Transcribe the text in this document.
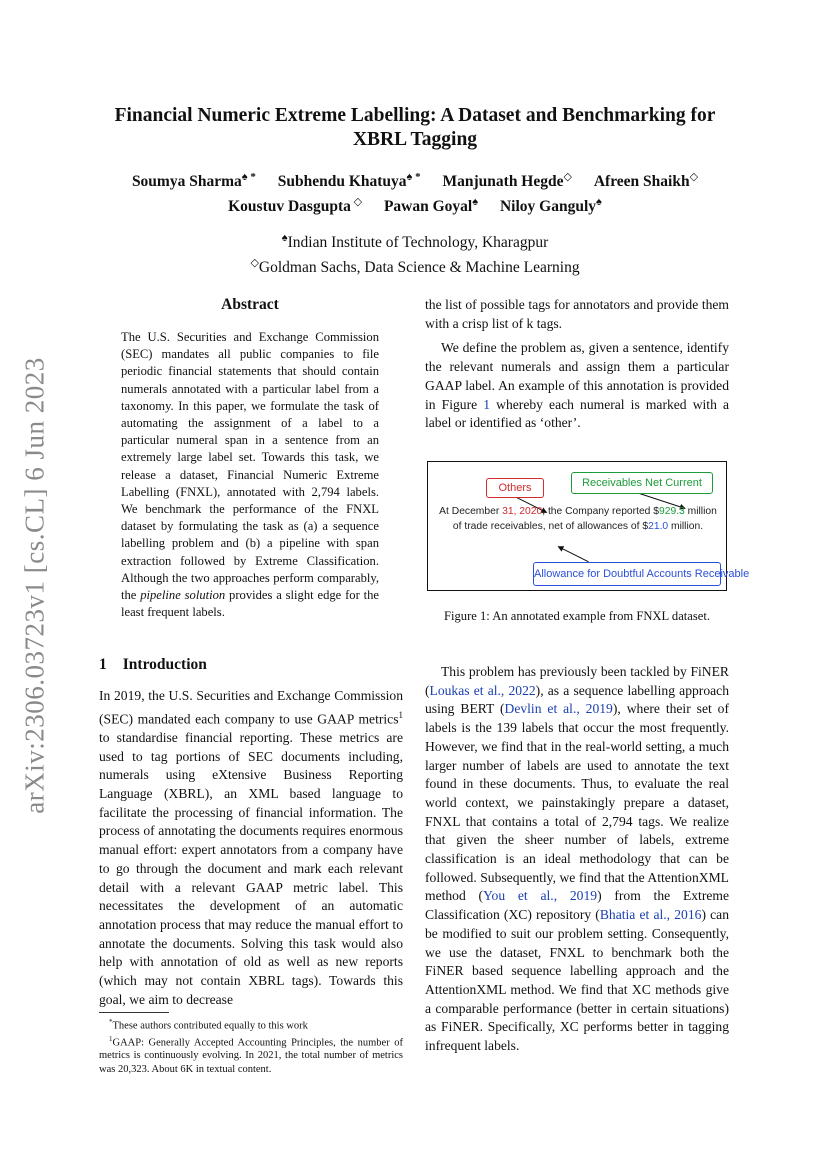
arXiv:2306.03723v1 [cs.CL] 6 Jun 2023
Financial Numeric Extreme Labelling: A Dataset and Benchmarking for XBRL Tagging
Soumya Sharma♠ * Subhendu Khatuya♠ * Manjunath Hegde◇ Afreen Shaikh◇
Koustuv Dasgupta ◇ Pawan Goyal♠ Niloy Ganguly♠
♠Indian Institute of Technology, Kharagpur
◇Goldman Sachs, Data Science & Machine Learning
Abstract
The U.S. Securities and Exchange Commission (SEC) mandates all public companies to file periodic financial statements that should contain numerals annotated with a particular label from a taxonomy. In this paper, we formulate the task of automating the assignment of a label to a particular numeral span in a sentence from an extremely large label set. Towards this task, we release a dataset, Financial Numeric Extreme Labelling (FNXL), annotated with 2,794 labels. We benchmark the performance of the FNXL dataset by formulating the task as (a) a sequence labelling problem and (b) a pipeline with span extraction followed by Extreme Classification. Although the two approaches perform comparably, the pipeline solution provides a slight edge for the least frequent labels.
1 Introduction
In 2019, the U.S. Securities and Exchange Commission (SEC) mandated each company to use GAAP metrics$^1$ to standardise financial reporting. These metrics are used to tag portions of SEC documents including, numerals using eXtensive Business Reporting Language (XBRL), an XML based language to facilitate the processing of financial information. The process of annotating the documents requires enormous manual effort: expert annotators from a company have to go through the document and mark each relevant detail with a relevant GAAP metric label. This necessitates the development of an automatic annotation process that may reduce the manual effort to annotate the documents. Solving this task would also help with annotation of old as well as new reports (which may not contain XBRL tags). Towards this goal, we aim to decrease

*These authors contributed equally to this work

$^1$GAAP: Generally Accepted Accounting Principles, the number of metrics is continuously evolving. In 2021, the total number of metrics was 20,323. About 6K in textual content.

the list of possible tags for annotators and provide them with a crisp list of k tags.

We define the problem as, given a sentence, identify the relevant numerals and assign them a particular GAAP label. An example of this annotation is provided in Figure 1 whereby each numeral is marked with a label or identified as ‘other’.

Others	Receivables Net Current
At December 31, 2020, the Company reported $929.3 million of trade receivables, net of allowances of $21.0 million.
Allowance for Doubtful Accounts Receivable
Figure 1: An annotated example from FNXL dataset.
This problem has previously been tackled by FiNER (Loukas et al., 2022), as a sequence labelling approach using BERT (Devlin et al., 2019), where their set of labels is the 139 labels that occur the most frequently. However, we find that in the real-world setting, a much larger number of labels are used to annotate the text found in these documents. Thus, to evaluate the real world context, we painstakingly prepare a dataset, FNXL that contains a total of 2,794 tags. We realize that given the sheer number of labels, extreme classification is an ideal methodology that can be followed. Subsequently, we find that the AttentionXML method (You et al., 2019) from the Extreme Classification (XC) repository (Bhatia et al., 2016) can be modified to suit our problem setting. Consequently, we use the dataset, FNXL to benchmark both the FiNER based sequence labelling approach and the AttentionXML method. We find that XC methods give a comparable performance (better in certain situations) as FiNER. Specifically, XC performs better in tagging infrequent labels.
